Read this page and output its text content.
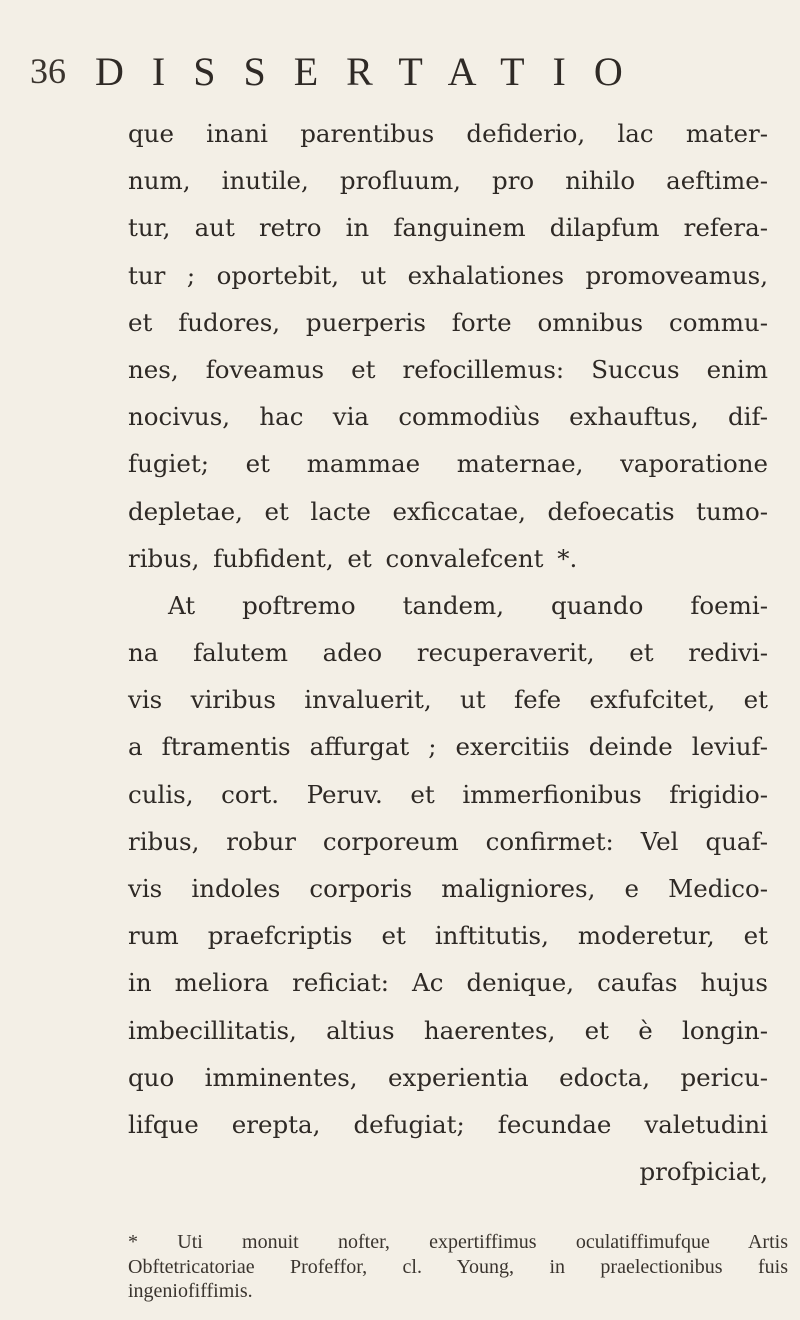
36 DISSERTATIO
que inani parentibus defiderio, lac mater-
num, inutile, profluum, pro nihilo aeftime-
tur, aut retro in fanguinem dilapfum refera-
tur ; oportebit, ut exhalationes promoveamus,
et fudores, puerperis forte omnibus commu-
nes, foveamus et refocillemus: Succus enim
nocivus, hac via commodiùs exhauftus, dif-
fugiet; et mammae maternae, vaporatione
depletae, et lacte exficcatae, defoecatis tumo-
ribus, fubfident, et convalefcent *.
At poftremo tandem, quando foemi-
na falutem adeo recuperaverit, et redivi-
vis viribus invaluerit, ut fefe exfufcitet, et
a ftramentis affurgat ; exercitiis deinde leviuf-
culis, cort. Peruv. et immerfionibus frigidio-
ribus, robur corporeum confirmet: Vel quaf-
vis indoles corporis maligniores, e Medico-
rum praefcriptis et inftitutis, moderetur, et
in meliora reficiat: Ac denique, caufas hujus
imbecillitatis, altius haerentes, et è longin-
quo imminentes, experientia edocta, pericu-
lifque erepta, defugiat; fecundae valetudini
profpiciat,
* Uti monuit nofter, expertiffimus oculatiffimufque Artis
Obftetricatoriae Profeffor, cl. Young, in praelectionibus fuis
ingeniofiffimis.
